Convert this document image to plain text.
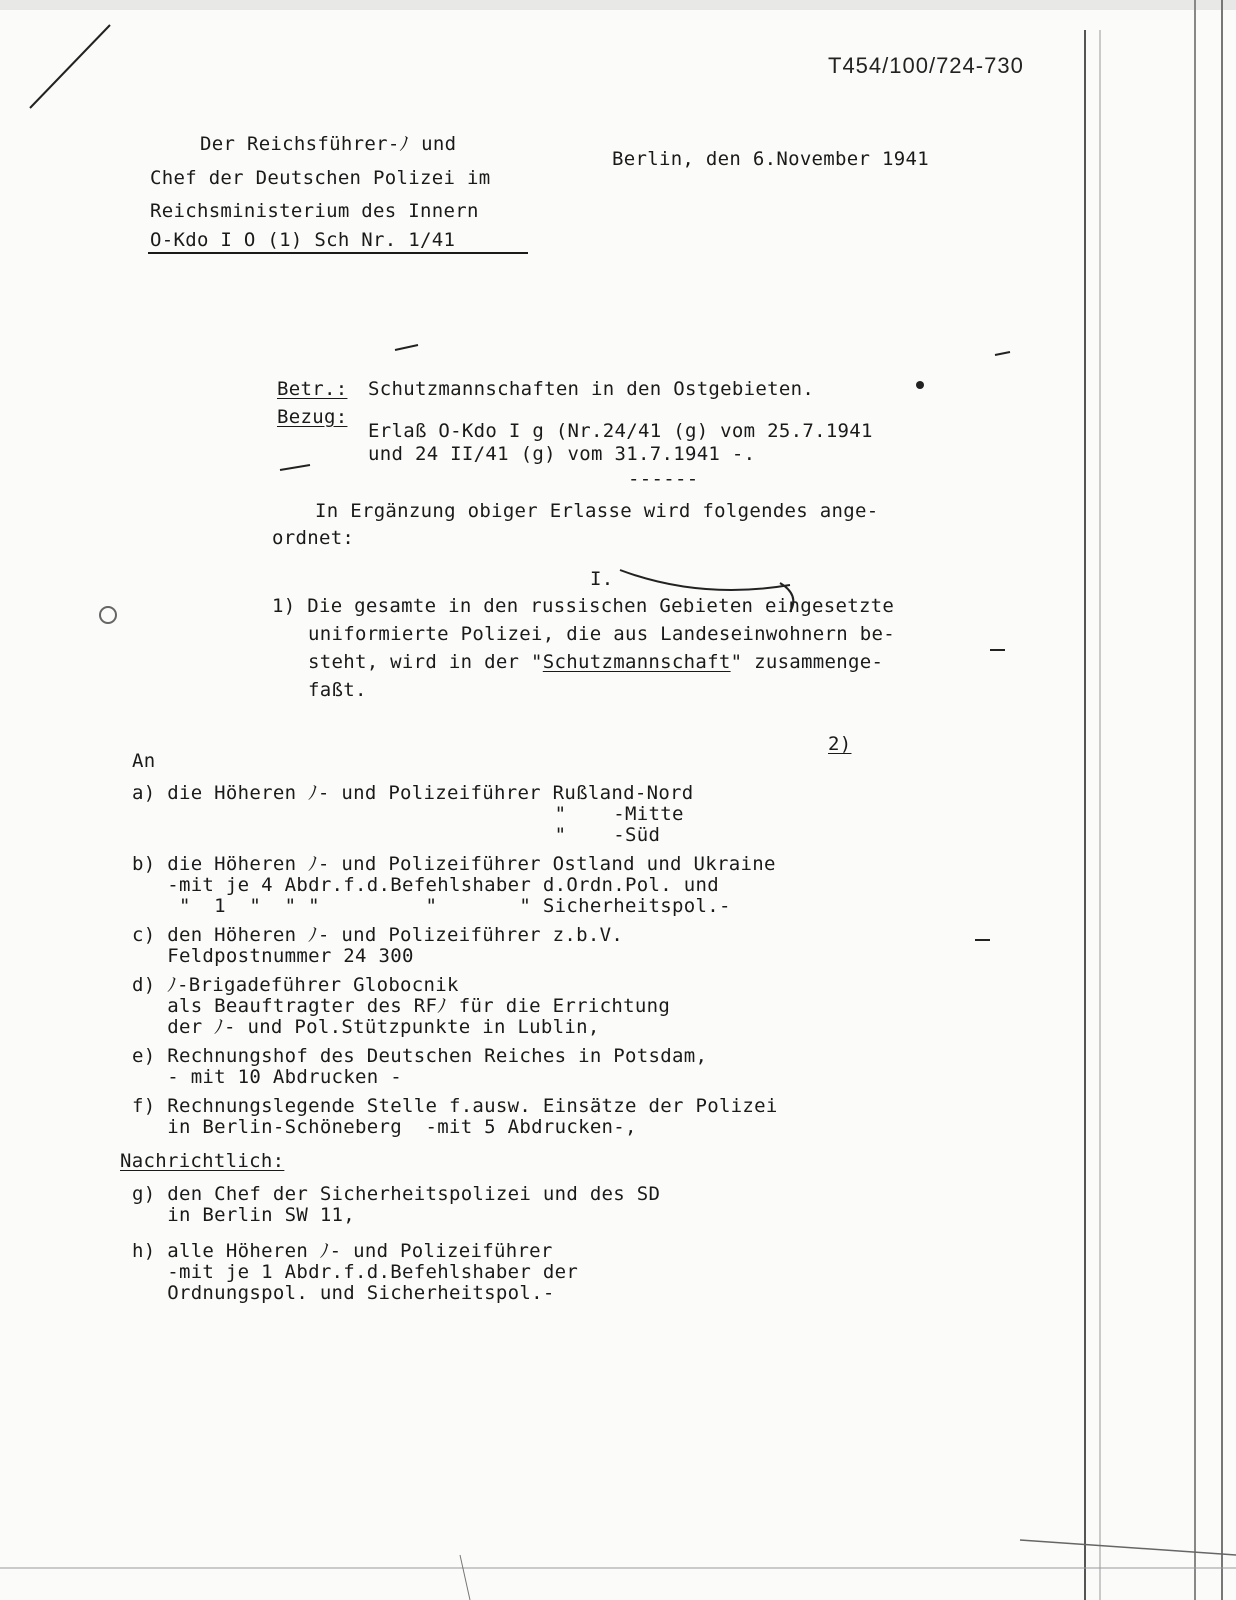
T454/100/724-730
Der Reichsführer-ﾉ und
Chef der Deutschen Polizei im
Reichsministerium des Innern
O-Kdo I O (1) Sch Nr. 1/41
Berlin, den 6.November 1941
Betr.: Schutzmannschaften in den Ostgebieten.
Bezug:
Erlaß O-Kdo I g (Nr.24/41 (g) vom 25.7.1941
und 24 II/41 (g) vom 31.7.1941 -.
------
In Ergänzung obiger Erlasse wird folgendes ange-
ordnet:
I.
1) Die gesamte in den russischen Gebieten eingesetzte
uniformierte Polizei, die aus Landeseinwohnern be-
steht, wird in der "Schutzmannschaft" zusammenge-
faßt.
2)
An
a) die Höheren ﾉ- und Polizeiführer Rußland-Nord
"    -Mitte
"    -Süd
b) die Höheren ﾉ- und Polizeiführer Ostland und Ukraine
-mit je 4 Abdr.f.d.Befehlshaber d.Ordn.Pol. und
"  1  "  " "         "       " Sicherheitspol.-
c) den Höheren ﾉ- und Polizeiführer z.b.V.
Feldpostnummer 24 300
d) ﾉ-Brigadeführer Globocnik
als Beauftragter des RFﾉ für die Errichtung
der ﾉ- und Pol.Stützpunkte in Lublin,
e) Rechnungshof des Deutschen Reiches in Potsdam,
- mit 10 Abdrucken -
f) Rechnungslegende Stelle f.ausw. Einsätze der Polizei
in Berlin-Schöneberg  -mit 5 Abdrucken-,
Nachrichtlich:
g) den Chef der Sicherheitspolizei und des SD
in Berlin SW 11,
h) alle Höheren ﾉ- und Polizeiführer
-mit je 1 Abdr.f.d.Befehlshaber der
Ordnungspol. und Sicherheitspol.-
